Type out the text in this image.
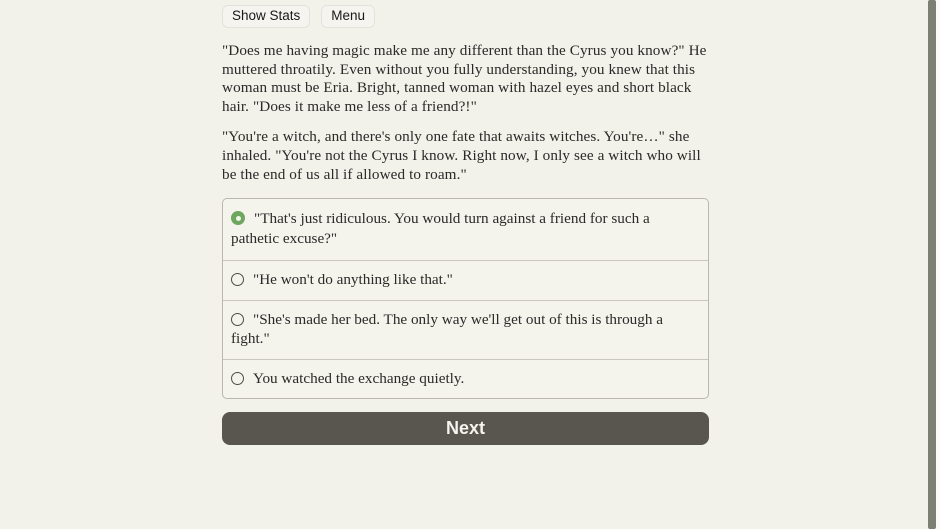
Show Stats	Menu

"Does me having magic make me any different than the Cyrus you know?" He muttered throatily. Even without you fully understanding, you knew that this woman must be Eria. Bright, tanned woman with hazel eyes and short black hair. "Does it make me less of a friend?!"

"You're a witch, and there's only one fate that awaits witches. You're…" she inhaled. "You're not the Cyrus I know. Right now, I only see a witch who will be the end of us all if allowed to roam."

"That's just ridiculous. You would turn against a friend for such a pathetic excuse?"
"He won't do anything like that."
"She's made her bed. The only way we'll get out of this is through a fight."
You watched the exchange quietly.
Next
